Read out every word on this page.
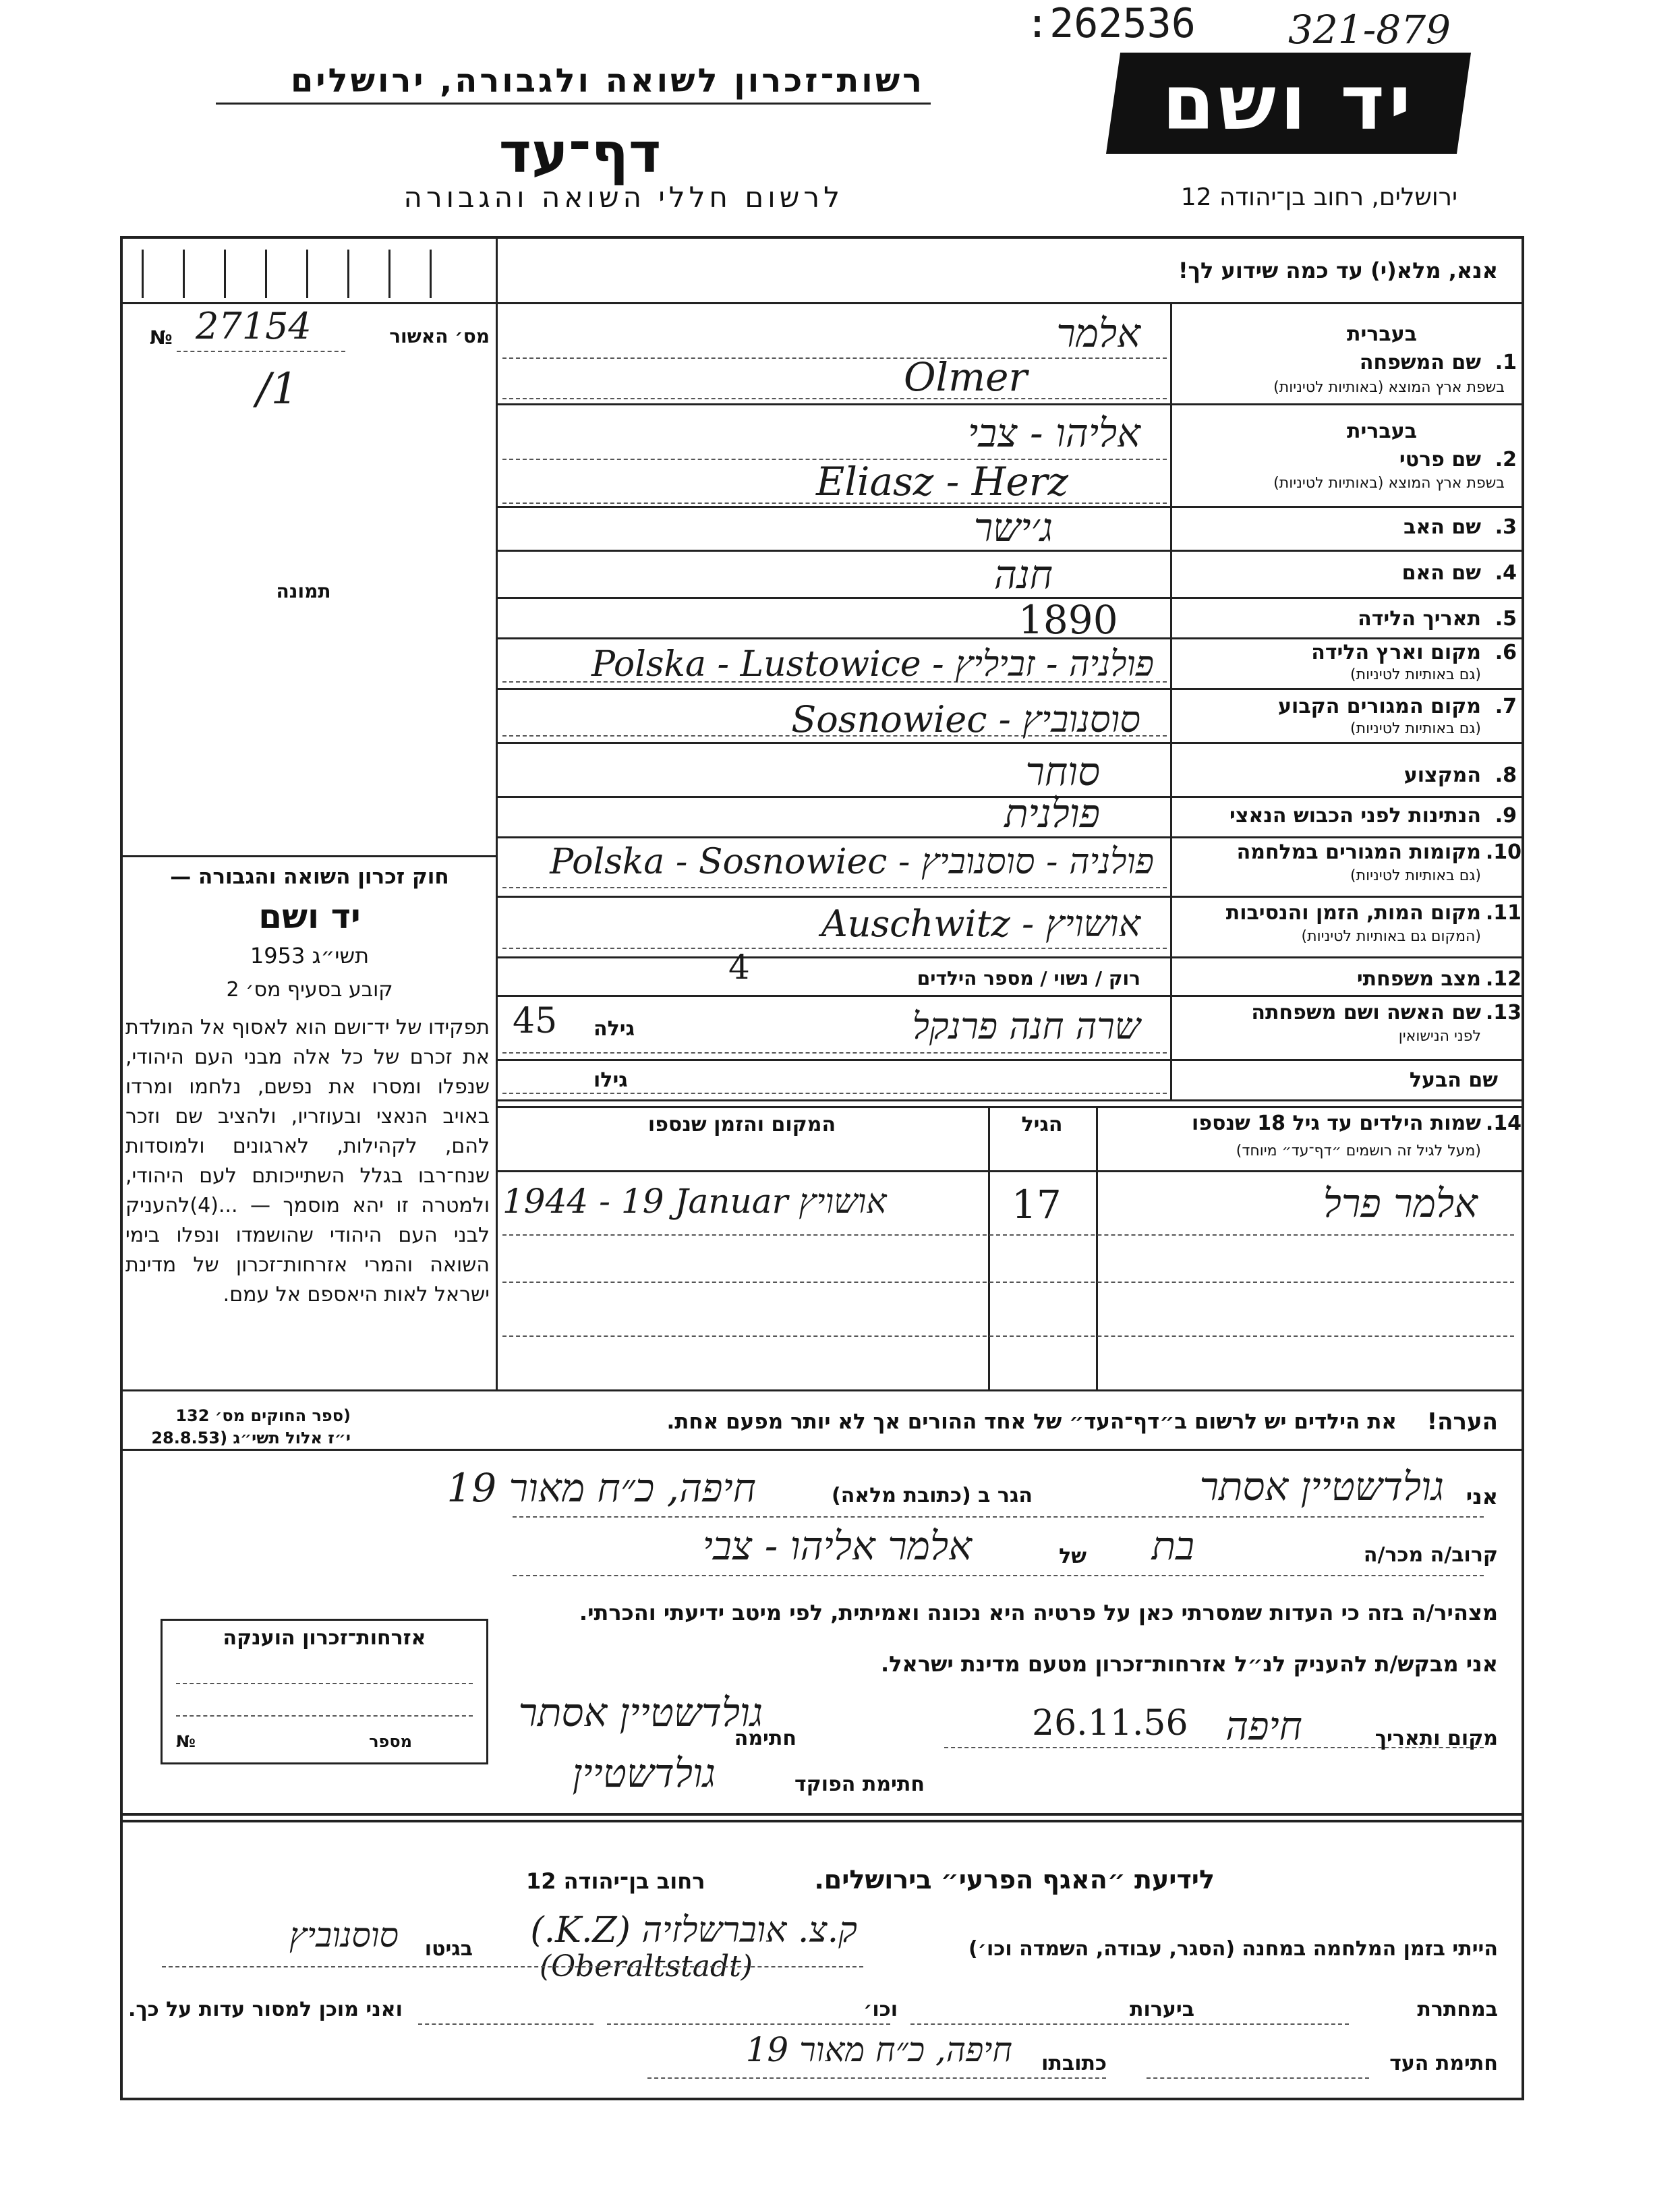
:262536 321-879
רשות־זכרון לשואה ולגבורה, ירושלים
דף־עד
לרשום חללי השואה והגבורה
יד ושם
ירושלים, רחוב בן־יהודה 12
אנא, מלא(י) עד כמה שידוע לך!
מס׳ האשור
27154
№
/1
תמונה
בעברית
1.
שם המשפחה
בשפת ארץ המוצא (באותיות לטיניות)
אלמר
Olmer
בעברית
2.
שם פרטי
בשפת ארץ המוצא (באותיות לטיניות)
אליהו - צבי
Eliasz - Herz
3.
שם האב
ג׳ישר
4.
שם האם
חנה
5.
תאריך הלידה
1890
6.
מקום וארץ הלידה
(גם באותיות לטיניות)
Polska - Lustowice - פולניה - זביליץ
7.
מקום המגורים הקבוע
(גם באותיות לטיניות)
Sosnowiec - סוסנוביץ
8.
המקצוע
סוחר
9.
הנתינות לפני הכבוש הנאצי
פולנית
10.
מקומות המגורים במלחמה
(גם באותיות לטיניות)
Polska - Sosnowiec - פולניה - סוסנוביץ
11.
מקום המות, הזמן והנסיבות
(המקום גם באותיות לטיניות)
Auschwitz - אושויץ
12.
מצב משפחתי
רוק / נשוי / מספר הילדים
4
13.
שם האשה ושם משפחתה
לפני הנישואין
שרה חנה פרנקל
גילה
45
שם הבעל
גילו
חוק זכרון השואה והגבורה —
יד ושם
תשי״ג 1953
קובע בסעיף מס׳ 2
תפקידו של יד־ושם הוא לאסוף אל המולדת את זכרם של כל אלה מבני העם היהודי, שנפלו ומסרו את נפשם, נלחמו ומרדו באויב הנאצי ובעוזריו, ולהציב שם וזכר להם, לקהילות, לארגונים ולמוסדות שנח־רבו בגלל השתייכותם לעם היהודי, ולמטרה זו יהא מוסמך — ...(4)להעניק לבני העם היהודי שהושמדו ונפלו בימי השואה והמרי אזרחות־זכרון של מדינת ישראל לאות היאספם אל עמם.
(ספר החוקים מס׳ 132
י״ז אלול תשי״ג (28.8.53
14.
שמות הילדים עד גיל 18 שנספו
(מעל לגיל זה רושמים ״דף־עד״ מיוחד)
הגיל
המקום והזמן שנספו
אלמר פרל
17
1944 - 19 Januar אושויץ
הערה!
את הילדים יש לרשום ב״דף־העד״ של אחד ההורים אך לא יותר מפעם אחת.
אני
גולדשטיין אסתר
הגר ב (כתובת מלאה)
חיפה, כ״ח מאור 19
קרוב/ה מכר/ה
בת
של
אלמר אליהו - צבי
מצהיר/ה בזה כי העדות שמסרתי כאן על פרטיה היא נכונה ואמיתית, לפי מיטב ידיעתי והכרתי.
אני מבקש/ת להעניק לנ״ל אזרחות־זכרון מטעם מדינת ישראל.
מקום ותאריך
חיפה
26.11.56
חתימה
גולדשטיין אסתר
חתימת הפוקד
גולדשטיין
אזרחות־זכרון הוענקה
מספר
№
לידיעת ״האגף הפרעי״ בירושלים.
רחוב בן־יהודה 12
הייתי בזמן המלחמה במחנה (הסגר, עבודה, השמדה וכו׳)
ק.צ. אוברשלזיה (K.Z.)
בגיטו
סוסנוביץ
(Oberaltstadt)
במחתרת
ביערות
וכו׳
ואני מוכן למסור עדות על כך.
חתימת העד
כתובתו
חיפה, כ״ח מאור 19
